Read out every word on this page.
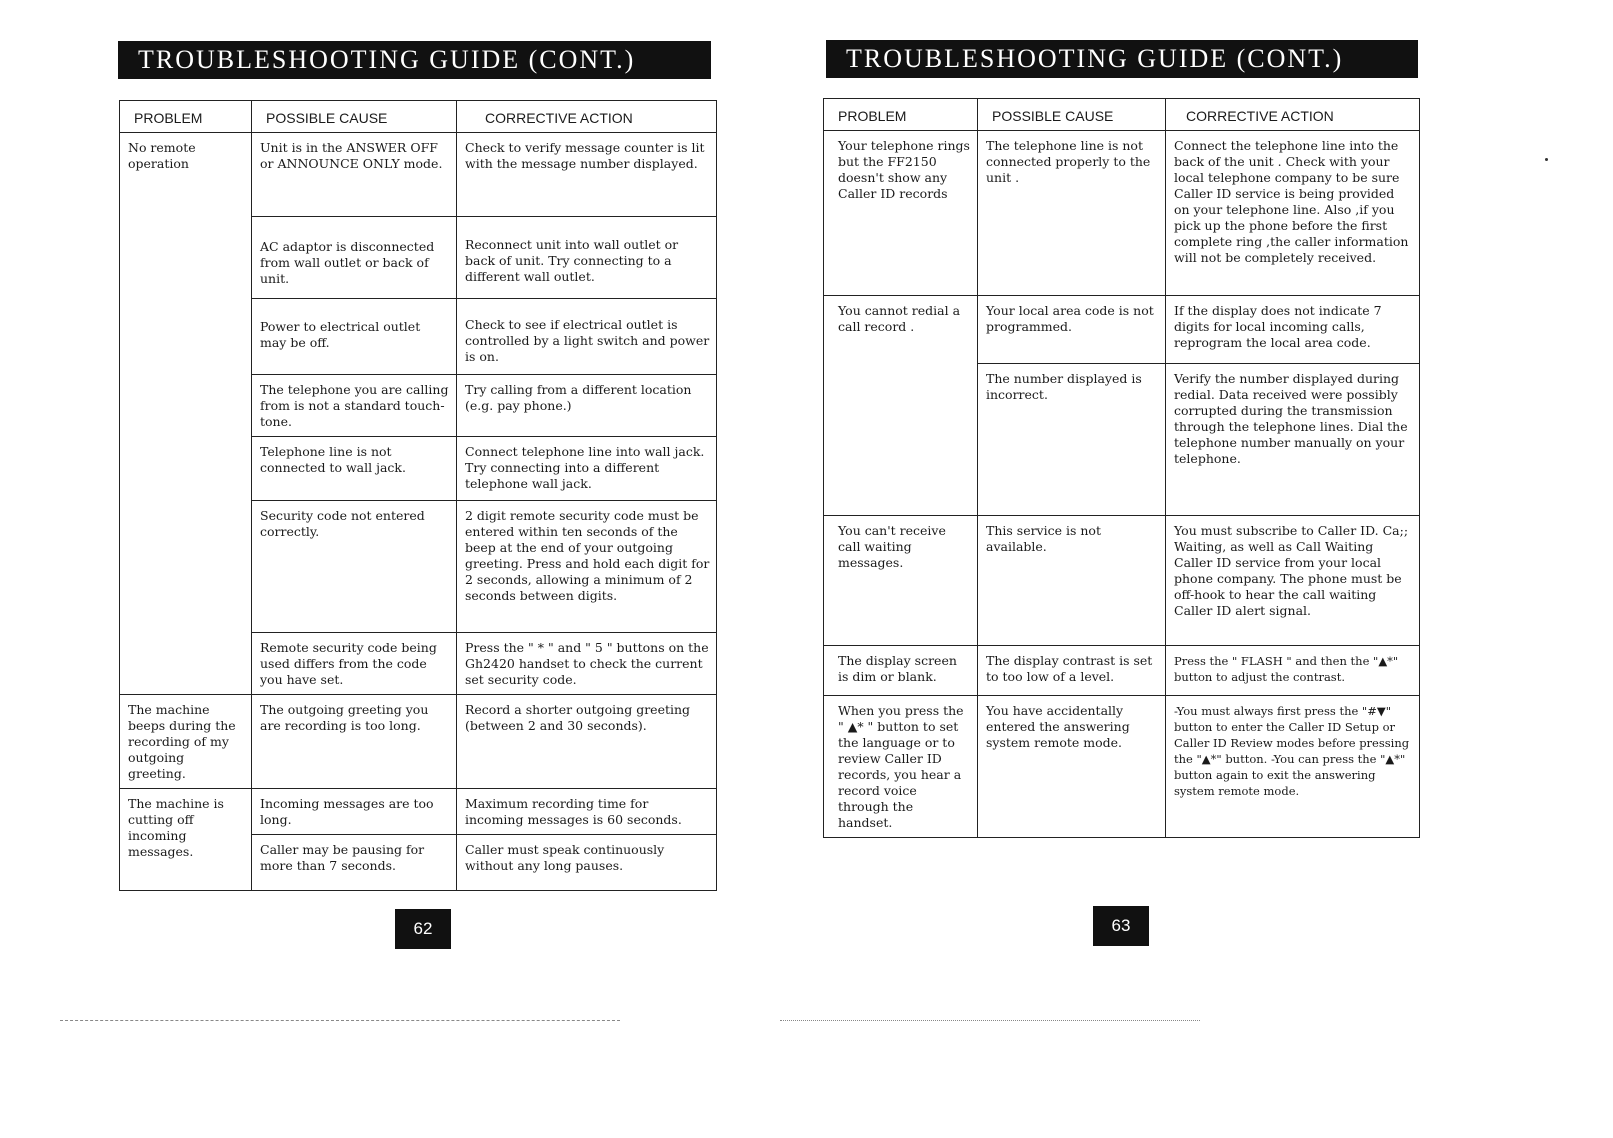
TROUBLESHOOTING GUIDE (CONT.)
PROBLEM	POSSIBLE CAUSE	CORRECTIVE ACTION
No remote operation	Unit is in the ANSWER OFF or ANNOUNCE ONLY mode.	Check to verify message counter is lit with the message number displayed.
	AC adaptor is disconnected from wall outlet or back of unit.	Reconnect unit into wall outlet or back of unit. Try connecting to a different wall outlet.
	Power to electrical outlet may be off.	Check to see if electrical outlet is controlled by a light switch and power is on.
	The telephone you are calling from is not a standard touch-tone.	Try calling from a different location (e.g. pay phone.)
	Telephone line is not connected to wall jack.	Connect telephone line into wall jack. Try connecting into a different telephone wall jack.
	Security code not entered correctly.	2 digit remote security code must be entered within ten seconds of the beep at the end of your outgoing greeting. Press and hold each digit for 2 seconds, allowing a minimum of 2 seconds between digits.
	Remote security code being used differs from the code you have set.	Press the " * " and " 5 " buttons on the Gh2420 handset to check the current set security code.
The machine beeps during the recording of my outgoing greeting.	The outgoing greeting you are recording is too long.	Record a shorter outgoing greeting (between 2 and 30 seconds).
The machine is cutting off incoming messages.	Incoming messages are too long.	Maximum recording time for incoming messages is 60 seconds.
	Caller may be pausing for more than 7 seconds.	Caller must speak continuously without any long pauses.
62
TROUBLESHOOTING GUIDE (CONT.)
PROBLEM	POSSIBLE CAUSE	CORRECTIVE ACTION
Your telephone rings but the FF2150 doesn't show any Caller ID records	The telephone line is not connected properly to the unit .	Connect the telephone line into the back of the unit . Check with your local telephone company to be sure Caller ID service is being provided on your telephone line. Also ,if you pick up the phone before the first complete ring ,the caller information will not be completely received.
You cannot redial a call record .	Your local area code is not programmed.	If the display does not indicate 7 digits for local incoming calls, reprogram the local area code.
	The number displayed is incorrect.	Verify the number displayed during redial. Data received were possibly corrupted during the transmission through the telephone lines. Dial the telephone number manually on your telephone.
You can't receive call waiting messages.	This service is not available.	You must subscribe to Caller ID. Ca;; Waiting, as well as Call Waiting Caller ID service from your local phone company. The phone must be off-hook to hear the call waiting Caller ID alert signal.
The display screen is dim or blank.	The display contrast is set to too low of a level.	Press the " FLASH " and then the "▲*" button to adjust the contrast.
When you press the " ▲* " button to set the language or to review Caller ID records, you hear a record voice through the handset.	You have accidentally entered the answering system remote mode.	-You must always first press the "#▼" button to enter the Caller ID Setup or Caller ID Review modes before pressing the "▲*" button. -You can press the "▲*" button again to exit the answering system remote mode.
63
